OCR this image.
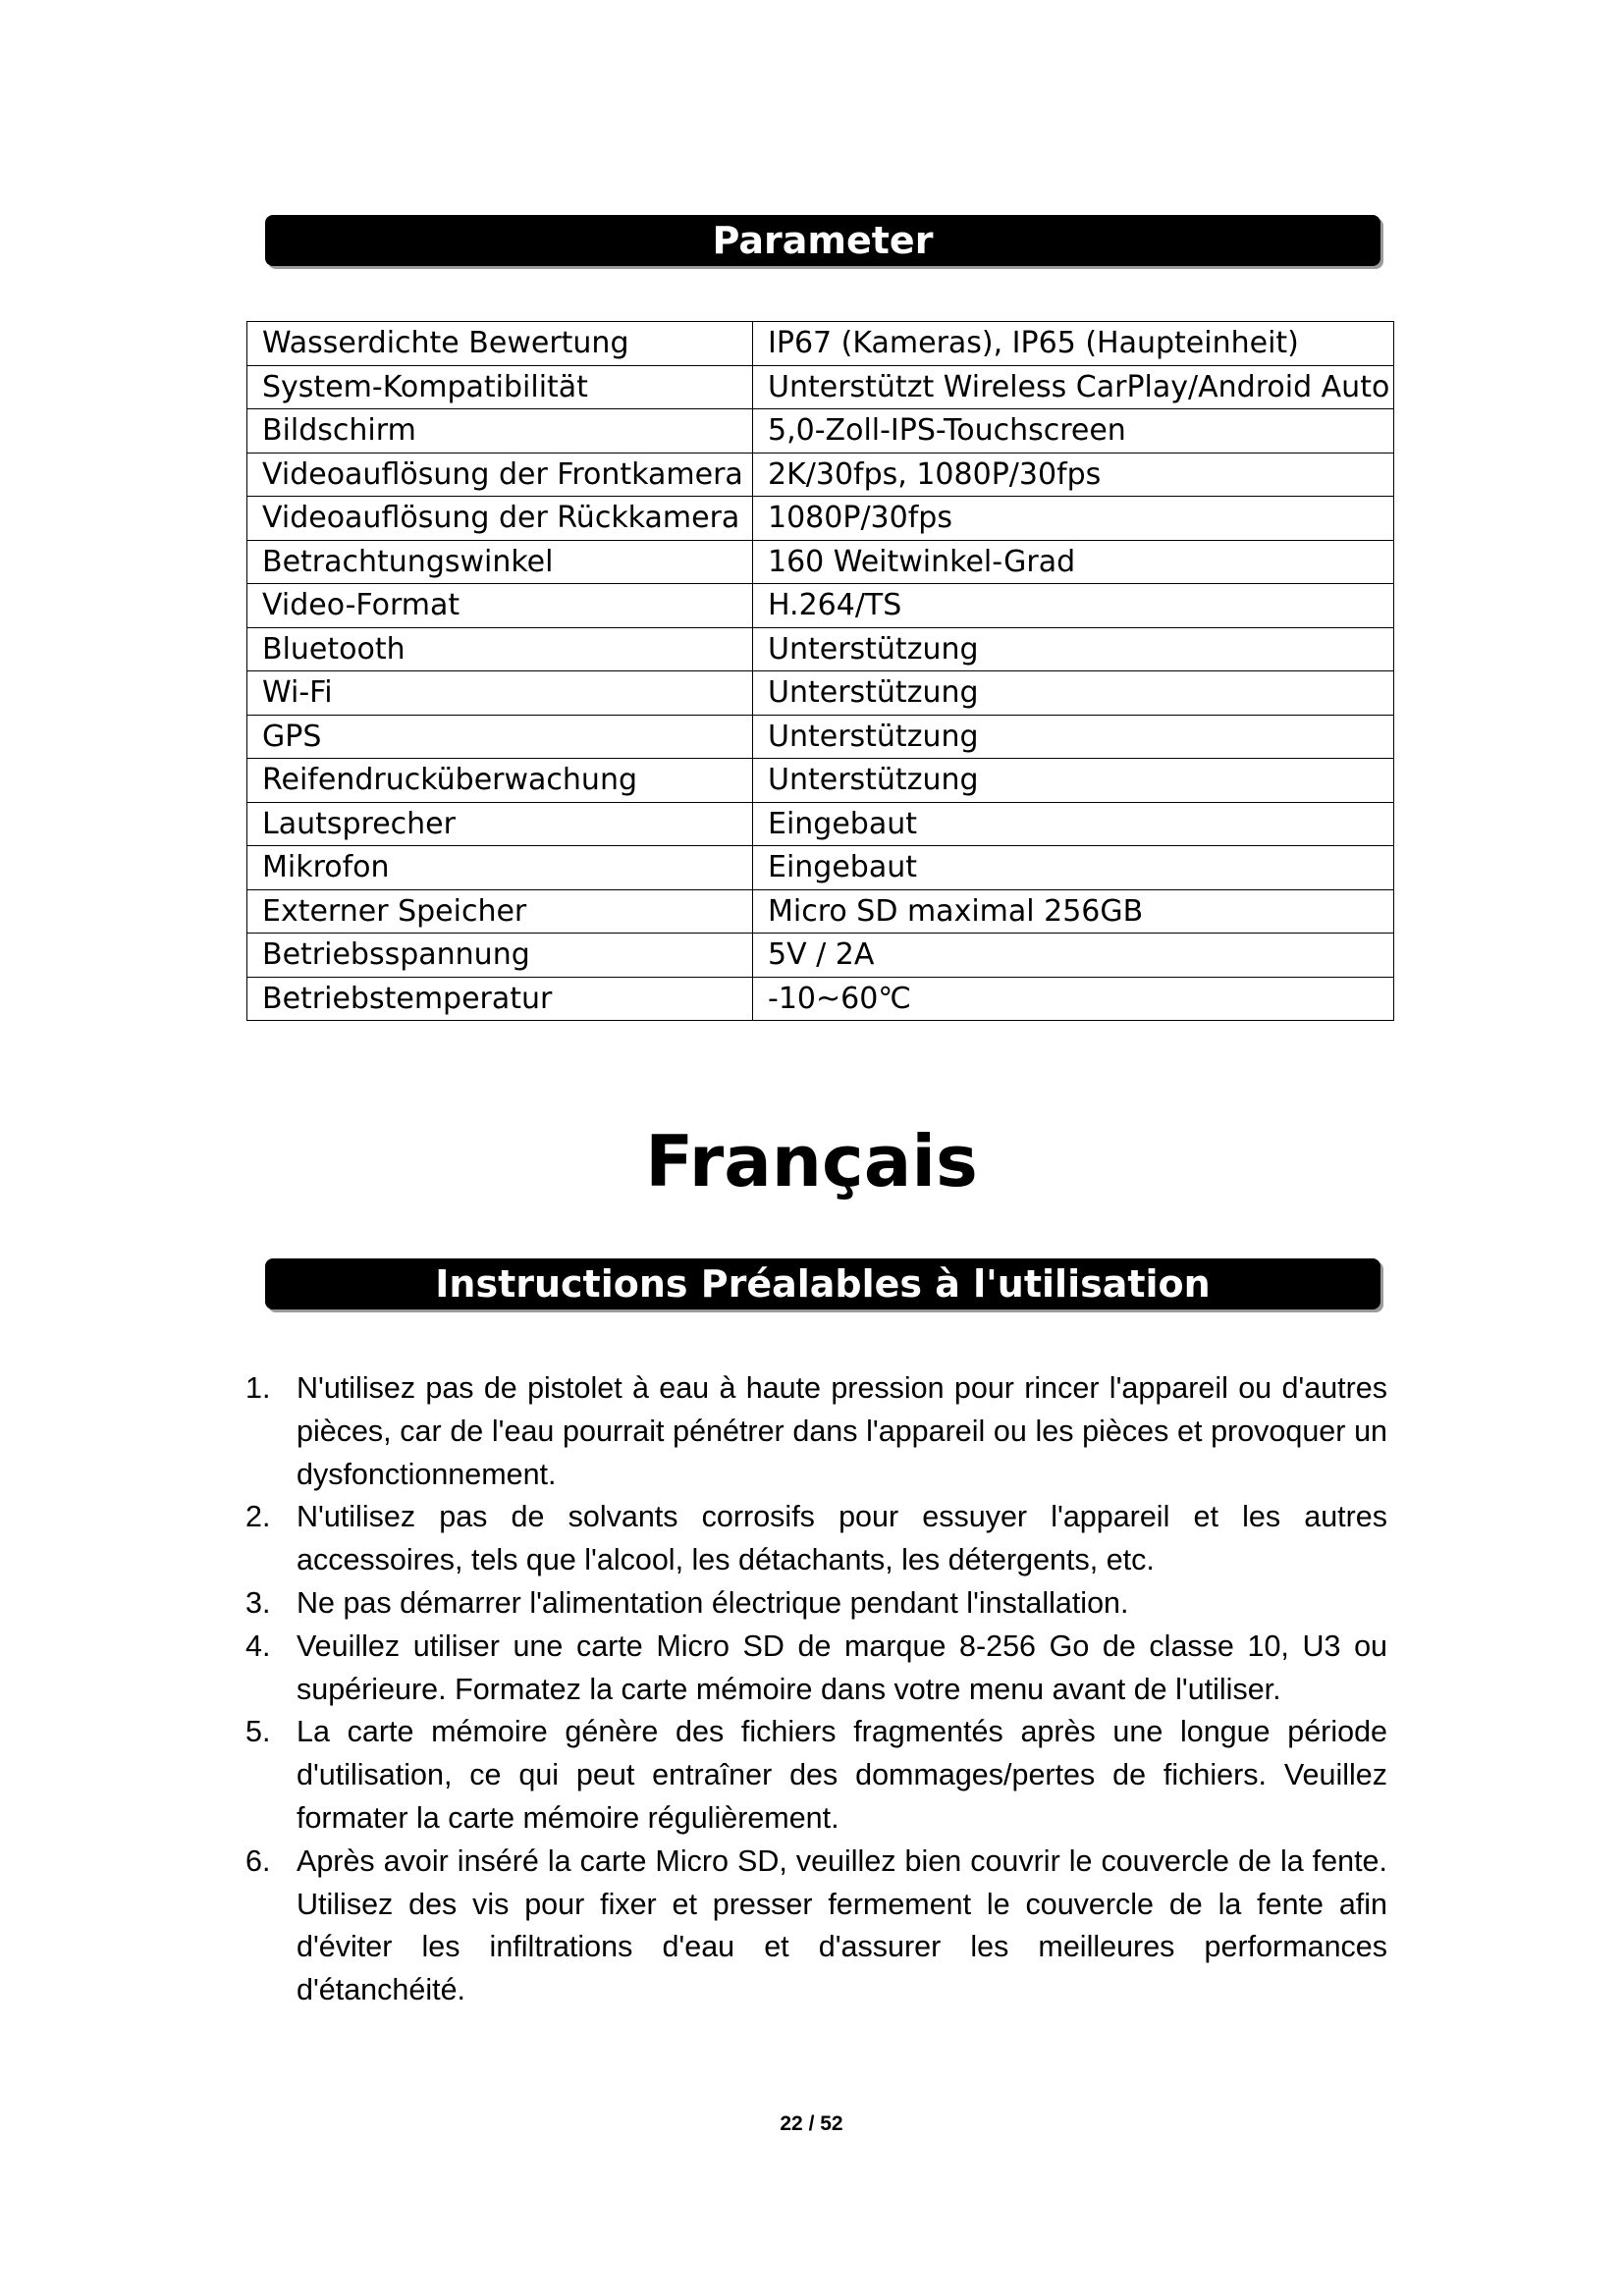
Parameter
Wasserdichte Bewertung	IP67 (Kameras), IP65 (Haupteinheit)
System-Kompatibilität	Unterstützt Wireless CarPlay/Android Auto
Bildschirm	5,0-Zoll-IPS-Touchscreen
Videoauflösung der Frontkamera	2K/30fps, 1080P/30fps
Videoauflösung der Rückkamera	1080P/30fps
Betrachtungswinkel	160 Weitwinkel-Grad
Video-Format	H.264/TS
Bluetooth	Unterstützung
Wi-Fi	Unterstützung
GPS	Unterstützung
Reifendrucküberwachung	Unterstützung
Lautsprecher	Eingebaut
Mikrofon	Eingebaut
Externer Speicher	Micro SD maximal 256GB
Betriebsspannung	5V / 2A
Betriebstemperatur	-10~60℃
Français
Instructions Préalables à l'utilisation
1. N'utilisez pas de pistolet à eau à haute pression pour rincer l'appareil ou d'autres pièces, car de l'eau pourrait pénétrer dans l'appareil ou les pièces et provoquer un dysfonctionnement.
2. N'utilisez pas de solvants corrosifs pour essuyer l'appareil et les autres accessoires, tels que l'alcool, les détachants, les détergents, etc.
3. Ne pas démarrer l'alimentation électrique pendant l'installation.
4. Veuillez utiliser une carte Micro SD de marque 8-256 Go de classe 10, U3 ou supérieure. Formatez la carte mémoire dans votre menu avant de l'utiliser.
5. La carte mémoire génère des fichiers fragmentés après une longue période d'utilisation, ce qui peut entraîner des dommages/pertes de fichiers. Veuillez formater la carte mémoire régulièrement.
6. Après avoir inséré la carte Micro SD, veuillez bien couvrir le couvercle de la fente. Utilisez des vis pour fixer et presser fermement le couvercle de la fente afin d'éviter les infiltrations d'eau et d'assurer les meilleures performances d'étanchéité.
22 / 52
